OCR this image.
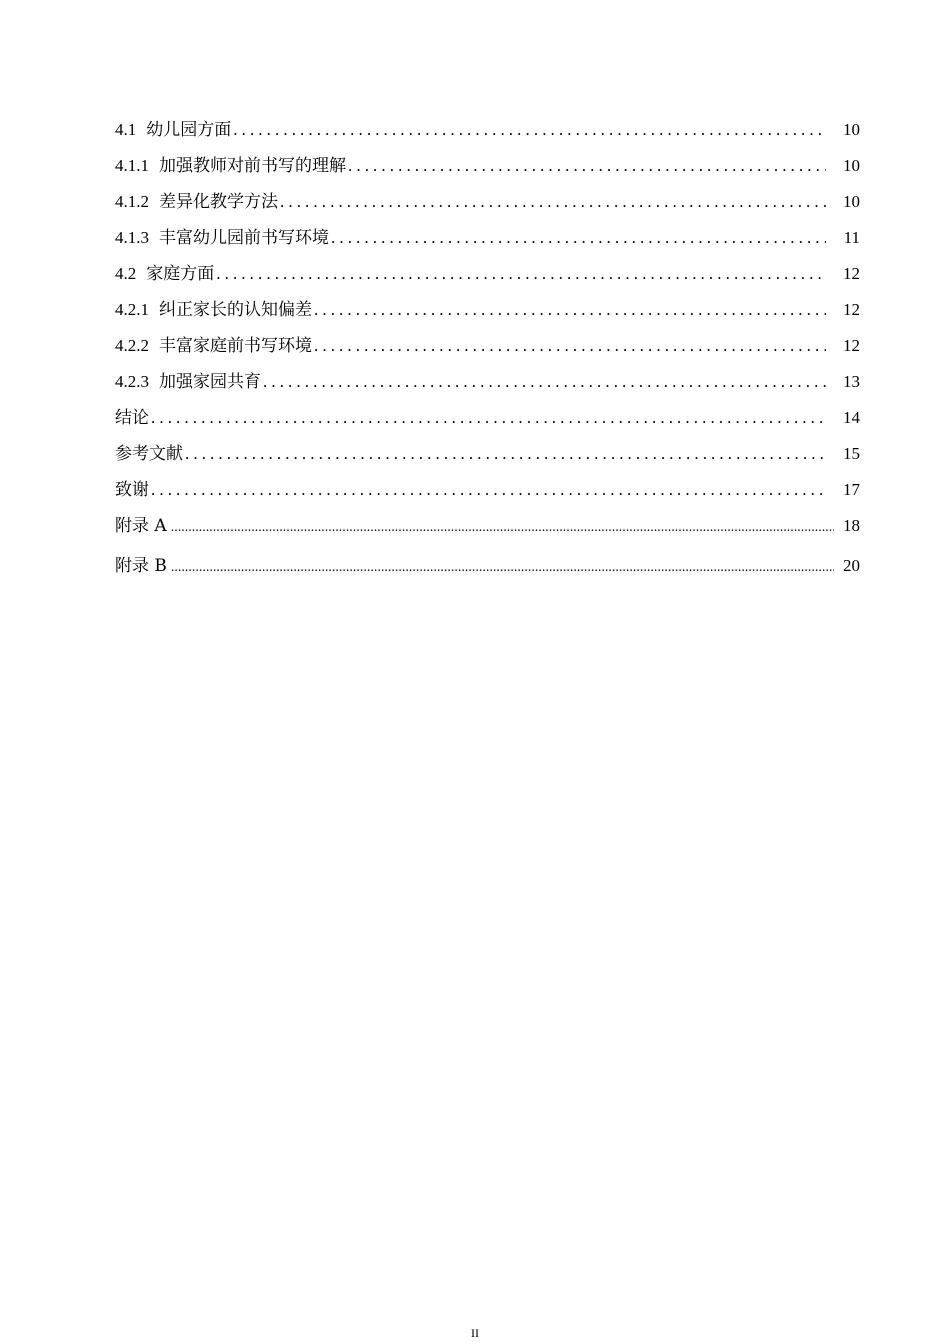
4.1 幼儿园方面 .....	10
4.1.1 加强教师对前书写的理解 .....	10
4.1.2 差异化教学方法 .....	10
4.1.3 丰富幼儿园前书写环境 .....	11
4.2 家庭方面 .....	12
4.2.1 纠正家长的认知偏差 .....	12
4.2.2 丰富家庭前书写环境 .....	12
4.2.3 加强家园共育 .....	13
结论 .....	14
参考文献 .....	15
致谢 .....	17
附录 A .....	18
附录 B .....	20
II
